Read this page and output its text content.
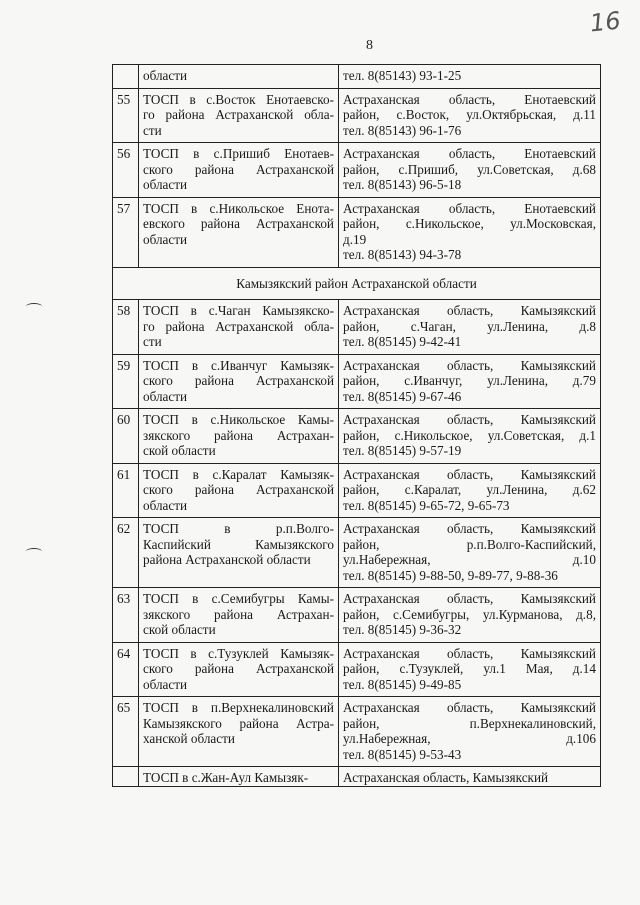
16
8

	области	тел. 8(85143) 93-1-25

55	ТОСП в с.Восток Енотаевско-
го района Астраханской обла-
сти	Астраханская область, Енотаевский
район, с.Восток, ул.Октябрьская, д.11
тел. 8(85143) 96-1-76

56	ТОСП в с.Пришиб Енотаев-
ского района Астраханской
области	Астраханская область, Енотаевский
район, с.Пришиб, ул.Советская, д.68
тел. 8(85143) 96-5-18

57	ТОСП в с.Никольское Енота-
евского района Астраханской
области	Астраханская область, Енотаевский
район, с.Никольское, ул.Московская,
д.19
тел. 8(85143) 94-3-78

Камызякский район Астраханской области		
58	ТОСП в с.Чаган Камызякско-
го района Астраханской обла-
сти	Астраханская область, Камызякский
район, с.Чаган, ул.Ленина, д.8
тел. 8(85145) 9-42-41

59	ТОСП в с.Иванчуг Камызяк-
ского района Астраханской
области	Астраханская область, Камызякский
район, с.Иванчуг, ул.Ленина, д.79
тел. 8(85145) 9-67-46

60	ТОСП в с.Никольское Камы-
зякского района Астрахан-
ской области	Астраханская область, Камызякский
район, с.Никольское, ул.Советская, д.1
тел. 8(85145) 9-57-19

61	ТОСП в с.Каралат Камызяк-
ского района Астраханской
области	Астраханская область, Камызякский
район, с.Каралат, ул.Ленина, д.62
тел. 8(85145) 9-65-72, 9-65-73

62	ТОСП в р.п.Волго-
Каспийский Камызякского
района Астраханской области	Астраханская область, Камызякский
район, р.п.Волго-Каспийский,
ул.Набережная, д.10
тел. 8(85145) 9-88-50, 9-89-77, 9-88-36

63	ТОСП в с.Семибугры Камы-
зякского района Астрахан-
ской области	Астраханская область, Камызякский
район, с.Семибугры, ул.Курманова, д.8,
тел. 8(85145) 9-36-32

64	ТОСП в с.Тузуклей Камызяк-
ского района Астраханской
области	Астраханская область, Камызякский
район, с.Тузуклей, ул.1 Мая, д.14
тел. 8(85145) 9-49-85

65	ТОСП в п.Верхнекалиновский
Камызякского района Астра-
ханской области	Астраханская область, Камызякский
район, п.Верхнекалиновский,
ул.Набережная, д.106
тел. 8(85145) 9-53-43

	ТОСП в с.Жан-Аул Камызяк-	Астраханская область, Камызякский
